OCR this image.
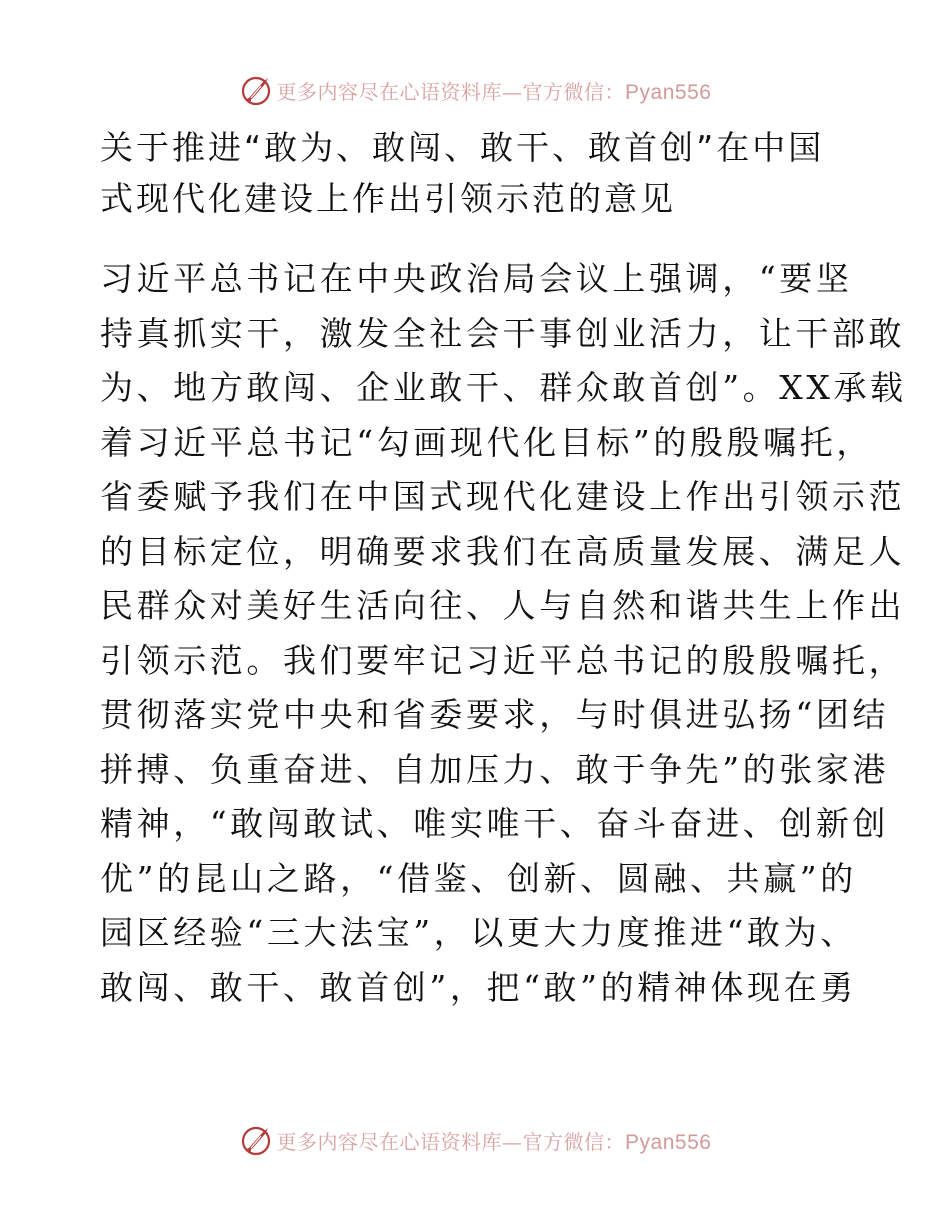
更多内容尽在心语资料库—官方微信：Pyan556
关于推进“敢为、敢闯、敢干、敢首创”在中国
式现代化建设上作出引领示范的意见
习近平总书记在中央政治局会议上强调，“要坚
持真抓实干，激发全社会干事创业活力，让干部敢
为、地方敢闯、企业敢干、群众敢首创”。XX承载
着习近平总书记“勾画现代化目标”的殷殷嘱托，
省委赋予我们在中国式现代化建设上作出引领示范
的目标定位，明确要求我们在高质量发展、满足人
民群众对美好生活向往、人与自然和谐共生上作出
引领示范。我们要牢记习近平总书记的殷殷嘱托，
贯彻落实党中央和省委要求，与时俱进弘扬“团结
拼搏、负重奋进、自加压力、敢于争先”的张家港
精神，“敢闯敢试、唯实唯干、奋斗奋进、创新创
优”的昆山之路，“借鉴、创新、圆融、共赢”的
园区经验“三大法宝”，以更大力度推进“敢为、
敢闯、敢干、敢首创”，把“敢”的精神体现在勇
更多内容尽在心语资料库—官方微信：Pyan556
